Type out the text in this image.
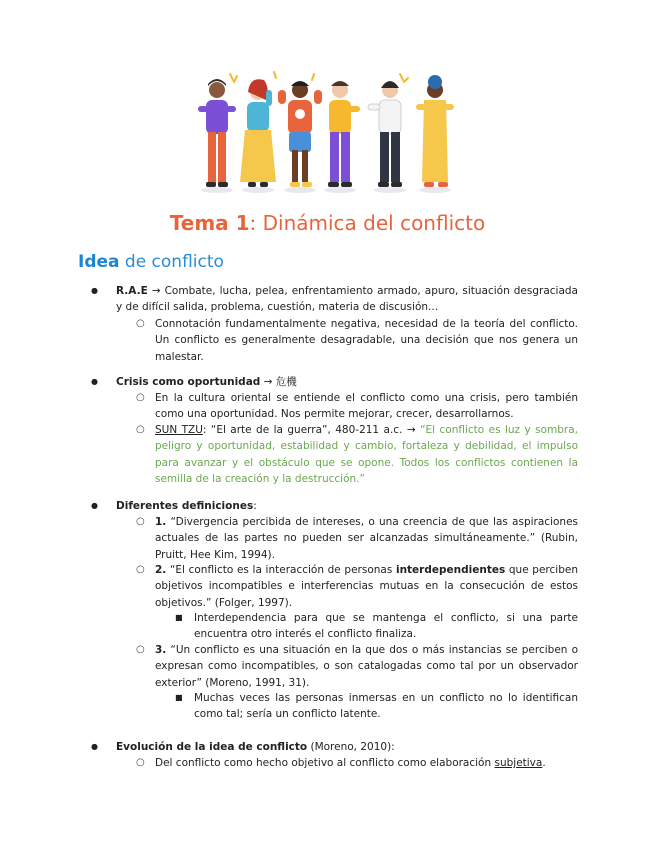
Tema 1: Dinámica del conflicto
Idea de conflicto

● R.A.E → Combate, lucha, pelea, enfrentamiento armado, apuro, situación desgraciada y de difícil salida, problema, cuestión, materia de discusión...

○ Connotación fundamentalmente negativa, necesidad de la teoría del conflicto. Un conflicto es generalmente desagradable, una decisión que nos genera un malestar.

● Crisis como oportunidad → 危機

○ En la cultura oriental se entiende el conflicto como una crisis, pero también como una oportunidad. Nos permite mejorar, crecer, desarrollarnos.

○ SUN TZU: “El arte de la guerra”, 480-211 a.c. → “El conflicto es luz y sombra, peligro y oportunidad, estabilidad y cambio, fortaleza y debilidad, el impulso para avanzar y el obstáculo que se opone. Todos los conflictos contienen la semilla de la creación y la destrucción.”

● Diferentes definiciones:

○ 1. “Divergencia percibida de intereses, o una creencia de que las aspiraciones actuales de las partes no pueden ser alcanzadas simultáneamente.” (Rubin, Pruitt, Hee Kim, 1994).

○ 2. “El conflicto es la interacción de personas interdependientes que perciben objetivos incompatibles e interferencias mutuas en la consecución de estos objetivos.” (Folger, 1997).

■ Interdependencia para que se mantenga el conflicto, si una parte encuentra otro interés el conflicto finaliza.

○ 3. “Un conflicto es una situación en la que dos o más instancias se perciben o expresan como incompatibles, o son catalogadas como tal por un observador exterior” (Moreno, 1991, 31).

■ Muchas veces las personas inmersas en un conflicto no lo identifican como tal; sería un conflicto latente.

● Evolución de la idea de conflicto (Moreno, 2010):

○ Del conflicto como hecho objetivo al conflicto como elaboración subjetiva.
